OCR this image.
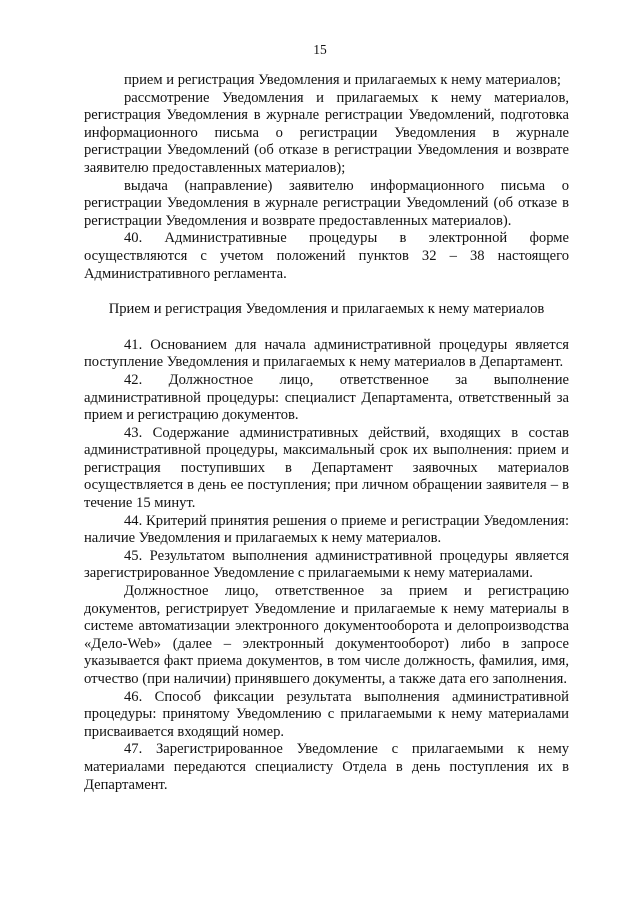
15

прием и регистрация Уведомления и прилагаемых к нему материалов;

рассмотрение Уведомления и прилагаемых к нему материалов, регистрация Уведомления в журнале регистрации Уведомлений, подготовка информационного письма о регистрации Уведомления в журнале регистрации Уведомлений (об отказе в регистрации Уведомления и возврате заявителю предоставленных материалов);

выдача (направление) заявителю информационного письма о регистрации Уведомления в журнале регистрации Уведомлений (об отказе в регистрации Уведомления и возврате предоставленных материалов).

40. Административные процедуры в электронной форме осуществляются с учетом положений пунктов 32 – 38 настоящего Административного регламента.

Прием и регистрация Уведомления и прилагаемых к нему материалов

41. Основанием для начала административной процедуры является поступление Уведомления и прилагаемых к нему материалов в Департамент.

42. Должностное лицо, ответственное за выполнение административной процедуры: специалист Департамента, ответственный за прием и регистрацию документов.

43. Содержание административных действий, входящих в состав административной процедуры, максимальный срок их выполнения: прием и регистрация поступивших в Департамент заявочных материалов осуществляется в день ее поступления; при личном обращении заявителя – в течение 15 минут.

44. Критерий принятия решения о приеме и регистрации Уведомления: наличие Уведомления и прилагаемых к нему материалов.

45. Результатом выполнения административной процедуры является зарегистрированное Уведомление с прилагаемыми к нему материалами.

Должностное лицо, ответственное за прием и регистрацию документов, регистрирует Уведомление и прилагаемые к нему материалы в системе автоматизации электронного документооборота и делопроизводства «Дело-Web» (далее – электронный документооборот) либо в запросе указывается факт приема документов, в том числе должность, фамилия, имя, отчество (при наличии) принявшего документы, а также дата его заполнения.

46. Способ фиксации результата выполнения административной процедуры: принятому Уведомлению с прилагаемыми к нему материалами присваивается входящий номер.

47. Зарегистрированное Уведомление с прилагаемыми к нему материалами передаются специалисту Отдела в день поступления их в Департамент.
